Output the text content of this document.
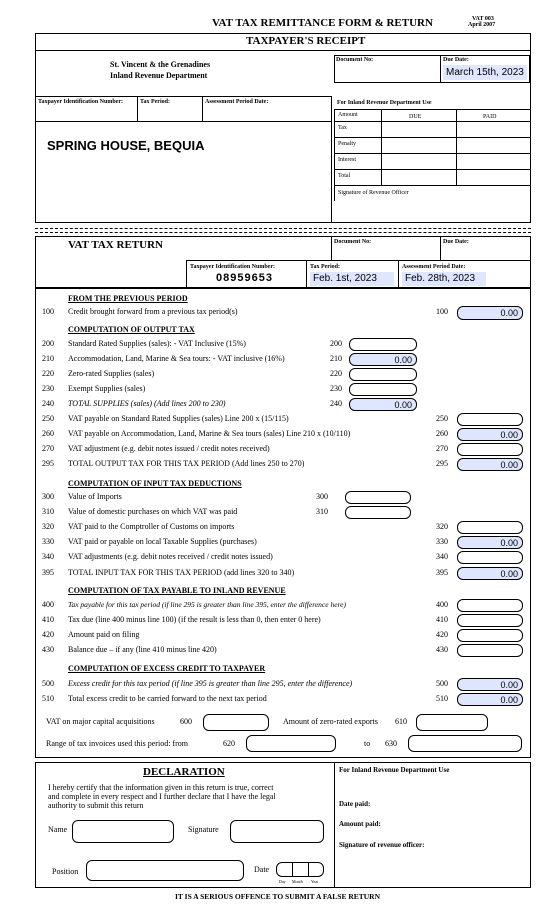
VAT TAX REMITTANCE FORM & RETURN	VAT 003
April 2007
TAXPAYER'S RECEIPT
St. Vincent & the Grenadines
Inland Revenue Department
Document No:	Due Date:
March 15th, 2023
Taxpayer Identification Number:	Tax Period:	Assessment Period Date:
SPRING HOUSE, BEQUIA
For Inland Revenue Department Use
Amount	DUE	PAID
Tax
Penalty
Interest
Total
Signature of Revenue Officer
VAT TAX RETURN	Document No:	Due Date:
Taxpayer Identification Number:
08959653
Tax Period:
Feb. 1st, 2023
Assessment Period Date:
Feb. 28th, 2023
FROM THE PREVIOUS PERIOD
100 Credit brought forward from a previous tax period(s)	100	0.00
COMPUTATION OF OUTPUT TAX
200 Standard Rated Supplies (sales): - VAT Inclusive (15%)	200
210 Accommodation, Land, Marine & Sea tours: - VAT inclusive (16%)	210	0.00
220 Zero-rated Supplies (sales)	220
230 Exempt Supplies (sales)	230
240 TOTAL SUPPLIES (sales) (Add lines 200 to 230)	240	0.00
250 VAT payable on Standard Rated Supplies (sales) Line 200 x (15/115)	250
260 VAT payable on Accommodation, Land, Marine & Sea tours (sales) Line 210 x (10/110)	260	0.00
270 VAT adjustment (e.g. debit notes issued / credit notes received)	270
295 TOTAL OUTPUT TAX FOR THIS TAX PERIOD (Add lines 250 to 270)	295	0.00
COMPUTATION OF INPUT TAX DEDUCTIONS
300 Value of Imports	300
310 Value of domestic purchases on which VAT was paid	310
320 VAT paid to the Comptroller of Customs on imports	320
330 VAT paid or payable on local Taxable Supplies (purchases)	330	0.00
340 VAT adjustments (e.g. debit notes received / credit notes issued)	340
395 TOTAL INPUT TAX FOR THIS TAX PERIOD (add lines 320 to 340)	395	0.00
COMPUTATION OF TAX PAYABLE TO INLAND REVENUE
400 Tax payable for this tax period (if line 295 is greater than line 395, enter the difference here)	400
410 Tax due (line 400 minus line 100) (if the result is less than 0, then enter 0 here)	410
420 Amount paid on filing	420
430 Balance due – if any (line 410 minus line 420)	430
COMPUTATION OF EXCESS CREDIT TO TAXPAYER
500 Excess credit for this tax period (if line 395 is greater than line 295, enter the difference)	500	0.00
510 Total excess credit to be carried forward to the next tax period	510	0.00
VAT on major capital acquisitions	600	Amount of zero-rated exports 610
Range of tax invoices used this period: from	620	to 630
DECLARATION
I hereby certify that the information given in this return is true, correct
and complete in every respect and I further declare that I have the legal
authority to submit this return
Name	Signature
Position	Date
Day Month Year
For Inland Revenue Department Use
Date paid:
Amount paid:
Signature of revenue officer:
IT IS A SERIOUS OFFENCE TO SUBMIT A FALSE RETURN
